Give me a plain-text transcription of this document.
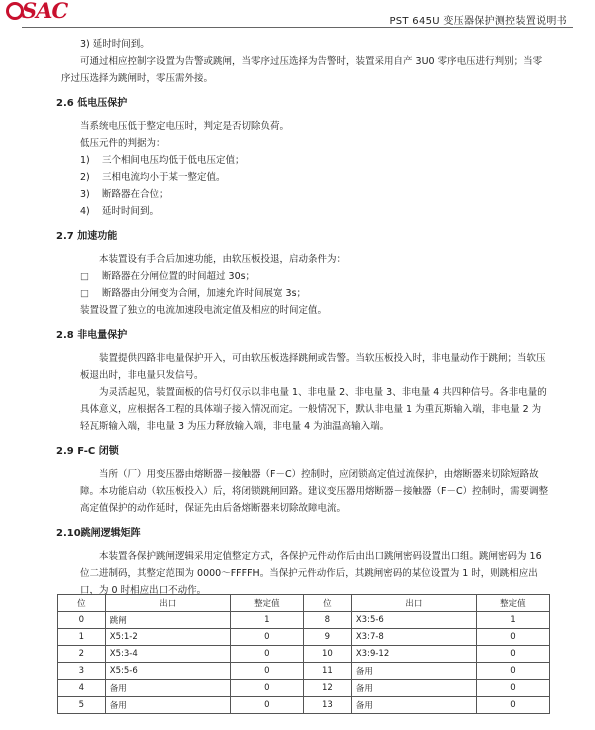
SAC	PST 645U 变压器保护测控装置说明书

3) 延时时间到。

可通过相应控制字设置为告警或跳闸，当零序过压选择为告警时，装置采用自产 3U0 零序电压进行判别；当零序过压选择为跳闸时，零压需外接。

2.6 低电压保护

当系统电压低于整定电压时，判定是否切除负荷。

低压元件的判据为：

1)	三个相间电压均低于低电压定值；
2)	三相电流均小于某一整定值。
3)	断路器在合位；
4)	延时时间到。
2.7 加速功能

本装置设有手合后加速功能，由软压板投退，启动条件为：

□	断路器在分闸位置的时间超过 30s；
□	断路器由分闸变为合闸，加速允许时间展宽 3s；

装置设置了独立的电流加速段电流定值及相应的时间定值。

2.8 非电量保护

装置提供四路非电量保护开入，可由软压板选择跳闸或告警。当软压板投入时，非电量动作于跳闸；当软压板退出时，非电量只发信号。

为灵活起见，装置面板的信号灯仅示以非电量 1、非电量 2、非电量 3、非电量 4 共四种信号。各非电量的具体意义，应根据各工程的具体端子接入情况而定。一般情况下，默认非电量 1 为重瓦斯输入端，非电量 2 为轻瓦斯输入端，非电量 3 为压力释放输入端，非电量 4 为油温高输入端。

2.9 F-C 闭锁

当所（厂）用变压器由熔断器－接触器（F－C）控制时，应闭锁高定值过流保护，由熔断器来切除短路故障。本功能启动（软压板投入）后，将闭锁跳闸回路。建议变压器用熔断器－接触器（F－C）控制时，需要调整高定值保护的动作延时，保证先由后备熔断器来切除故障电流。

2.10跳闸逻辑矩阵

本装置各保护跳闸逻辑采用定值整定方式，各保护元件动作后由出口跳闸密码设置出口组。跳闸密码为 16 位二进制码，其整定范围为 0000～FFFFH。当保护元件动作后，其跳闸密码的某位设置为 1 时，则跳相应出口，为 0 时相应出口不动作。

位	出口	整定值	位	出口	整定值
0	跳闸	1	8	X3:5-6	1
1	X5:1-2	0	9	X3:7-8	0
2	X5:3-4	0	10	X3:9-12	0
3	X5:5-6	0	11	备用	0
4	备用	0	12	备用	0
5	备用	0	13	备用	0
